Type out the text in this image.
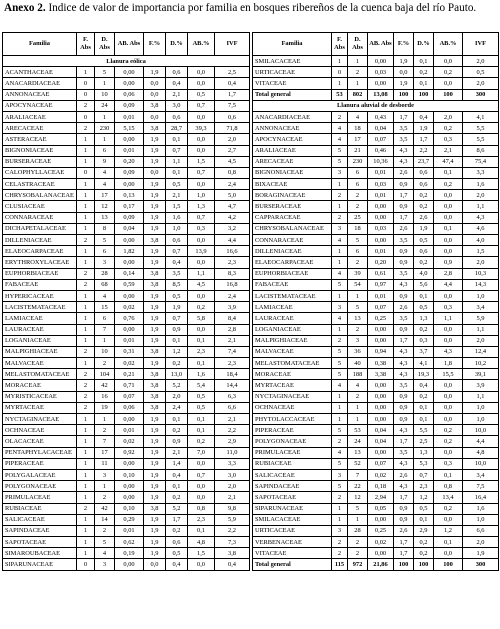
Anexo 2. Indice de valor de importancia por familia en bosques ribereños de la cuenca baja del río Pauto.
Familia	F. Abs	D. Abs	AB. Abs	F.%	D.%	AB.%	IVF
Llanura eólica							
ACANTHACEAE	1	5	0,00	1,9	0,6	0,0	2,5
ANACARDIACEAE	0	1	0,00	0,0	0,4	0,0	0,4
ANNONACEAE	0	10	0,06	0,0	2,1	0,5	1,7
APOCYNACEAE	2	24	0,09	3,8	3,0	0,7	7,5
ARALIACEAE	0	1	0,01	0,0	0,6	0,0	0,6
ARECACEAE	2	230	5,15	3,8	28,7	39,3	71,8
ASTERACEAE	1	1	0,00	1,9	0,1	0,0	2,0
BIGNONIACEAE	1	6	0,01	1,9	0,7	0,0	2,7
BURSERACEAE	1	9	0,20	1,9	1,1	1,5	4,5
CALOPHYLLACEAE	0	4	0,09	0,0	0,1	0,7	0,8
CELASTRACEAE	1	4	0,00	1,9	0,5	0,0	2,4
CHRYSOBALANACEAE	1	17	0,13	1,9	2,1	1,0	5,0
CLUSIACEAE	1	12	0,17	1,9	1,5	1,3	4,7
CONNARACEAE	1	13	0,09	1,9	1,6	0,7	4,2
DICHAPETALACEAE	1	8	0,04	1,9	1,0	0,3	3,2
DILLENIACEAE	2	5	0,00	3,8	0,6	0,0	4,4
ELAEOCARPACEAE	1	6	1,82	1,9	0,7	13,9	16,6
ERYTHROXYLACEAE	1	3	0,00	1,9	0,4	0,0	2,3
EUPHORBIACEAE	2	28	0,14	3,8	3,5	1,1	8,3
FABACEAE	2	68	0,59	3,8	8,5	4,5	16,8
HYPERICACEAE	1	4	0,00	1,9	0,5	0,0	2,4
LACISTEMATACEAE	1	15	0,02	1,9	1,9	0,2	3,9
LAMIACEAE	1	6	0,76	1,9	0,7	5,8	8,4
LAURACEAE	1	7	0,00	1,9	0,9	0,0	2,8
LOGANIACEAE	1	1	0,01	1,9	0,1	0,1	2,1
MALPIGHIACEAE	2	10	0,31	3,8	1,2	2,3	7,4
MALVACEAE	1	2	0,02	1,9	0,2	0,1	2,3
MELASTOMATACEAE	2	104	0,21	3,8	13,0	1,6	18,4
MORACEAE	2	42	0,71	3,8	5,2	5,4	14,4
MYRISTICACEAE	2	16	0,07	3,8	2,0	0,5	6,3
MYRTACEAE	2	19	0,06	3,8	2,4	0,5	6,6
NYCTAGINACEAE	1	1	0,00	1,9	0,1	0,1	2,1
OCHNACEAE	1	2	0,01	1,9	0,2	0,1	2,2
OLACACEAE	1	7	0,02	1,9	0,9	0,2	2,9
PENTAPHYLACACEAE	1	17	0,92	1,9	2,1	7,0	11,0
PIPERACEAE	1	11	0,00	1,9	1,4	0,0	3,3
POLYGALACEAE	1	3	0,10	1,9	0,4	0,7	3,0
POLYGONACEAE	1	1	0,00	1,9	0,1	0,0	2,0
PRIMULACEAE	1	2	0,00	1,9	0,2	0,0	2,1
RUBIACEAE	2	42	0,10	3,8	5,2	0,8	9,8
SALICACEAE	1	14	0,29	1,9	1,7	2,3	5,9
SAPINDACEAE	1	2	0,01	1,9	0,2	0,1	2,2
SAPOTACEAE	1	5	0,62	1,9	0,6	4,8	7,3
SIMAROUBACEAE	1	4	0,19	1,9	0,5	1,5	3,8
SIPARUNACEAE	0	3	0,00	0,0	0,4	0,0	0,4
Familia	F. Abs	D. Abs	AB. Abs	F.%	D.%	AB.%	IVF
SMILACACEAE	1	1	0,00	1,9	0,1	0,0	2,0
URTICACEAE	0	2	0,03	0,0	0,2	0,2	0,5
VITACEAE	1	1	0,00	1,9	0,1	0,0	2,0
Total general	53	802	13,08	100	100	100	300
Llanura aluvial de desborde							
ANACARDIACEAE	2	4	0,43	1,7	0,4	2,0	4,1
ANNONACEAE	4	18	0,04	3,5	1,9	0,2	5,5
APOCYNACEAE	4	17	0,07	3,5	1,7	0,3	5,5
ARALIACEAE	5	21	0,46	4,3	2,2	2,1	8,6
ARECACEAE	5	230	10,36	4,3	23,7	47,4	75,4
BIGNONIACEAE	3	6	0,01	2,6	0,6	0,1	3,3
BIXACEAE	1	6	0,03	0,9	0,6	0,2	1,6
BORAGINACEAE	2	2	0,01	1,7	0,2	0,0	2,0
BURSERACEAE	1	2	0,00	0,9	0,2	0,0	1,1
CAPPARACEAE	2	25	0,00	1,7	2,6	0,0	4,3
CHRYSOBALANACEAE	3	18	0,03	2,6	1,9	0,1	4,6
CONNARACEAE	4	5	0,00	3,5	0,5	0,0	4,0
DILLENIACEAE	1	6	0,01	0,9	0,6	0,0	1,5
ELAEOCARPACEAE	1	2	0,20	0,9	0,2	0,9	2,0
EUPHORBIACEAE	4	39	0,61	3,5	4,0	2,8	10,3
FABACEAE	5	54	0,97	4,3	5,6	4,4	14,3
LACISTEMATACEAE	1	1	0,01	0,9	0,1	0,0	1,0
LAMIACEAE	3	5	0,07	2,6	0,5	0,3	3,4
LAURACEAE	4	13	0,25	3,5	1,3	1,1	5,9
LOGANIACEAE	1	2	0,00	0,9	0,2	0,0	1,1
MALPIGHIACEAE	2	3	0,00	1,7	0,3	0,0	2,0
MALVACEAE	5	36	0,94	4,3	3,7	4,3	12,4
MELASTOMATACEAE	5	40	0,38	4,3	4,1	1,8	10,2
MORACEAE	5	188	3,38	4,3	19,3	15,5	39,1
MYRTACEAE	4	4	0,00	3,5	0,4	0,0	3,9
NYCTAGINACEAE	1	2	0,00	0,9	0,2	0,0	1,1
OCHNACEAE	1	1	0,00	0,9	0,1	0,0	1,0
PHYTOLACCACEAE	1	1	0,00	0,9	0,1	0,0	1,0
PIPERACEAE	5	53	0,04	4,3	5,5	0,2	10,0
POLYGONACEAE	2	24	0,04	1,7	2,5	0,2	4,4
PRIMULACEAE	4	13	0,00	3,5	1,3	0,0	4,8
RUBIACEAE	5	52	0,07	4,3	5,3	0,3	10,0
SALICACEAE	3	7	0,02	2,6	0,7	0,1	3,4
SAPINDACEAE	5	22	0,18	4,3	2,3	0,8	7,5
SAPOTACEAE	2	12	2,94	1,7	1,2	13,4	16,4
SIPARUNACEAE	1	5	0,05	0,9	0,5	0,2	1,6
SMILACACEAE	1	1	0,00	0,9	0,1	0,0	1,0
URTICACEAE	3	28	0,25	2,6	2,9	1,2	6,6
VERBENACEAE	2	2	0,02	1,7	0,2	0,1	2,0
VITACEAE	2	2	0,00	1,7	0,2	0,0	1,9
Total general	115	972	21,86	100	100	100	300
